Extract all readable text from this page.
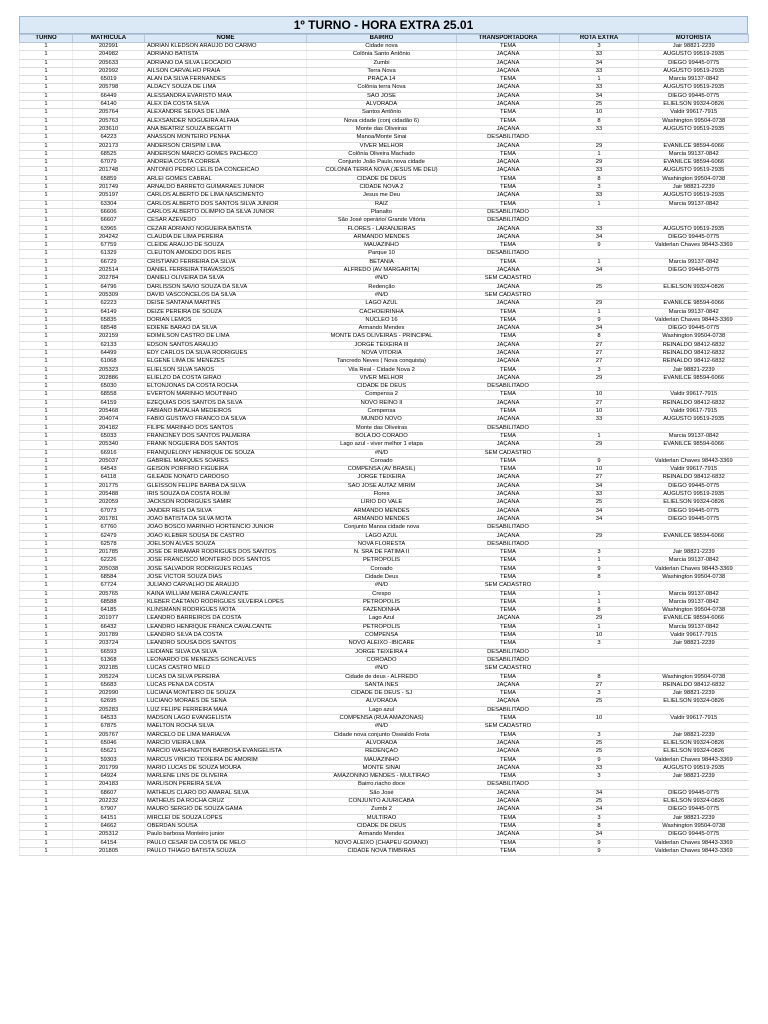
1º TURNO - HORA EXTRA 25.01
TURNO	MATRICULA	NOME	BAIRRO	TRANSPORTADORA	ROTA EXTRA	MOTORISTA
1	202991	ADRIAN KLEDSON ARAUJO DO CARMO	Cidade nova	TEMA	3	Jair 98821-2239
1	204982	ADRIANO BATISTA	Colônia Santo Antônio	JAÇANA	33	AUGUSTO 99519-2935
1	205633	ADRIANO DA SILVA LEOCADIO	Zumbi	JAÇANA	34	DIEGO 99445-0775
1	202992	AILSON CARVALHO PRAIA	Terra Nova	JAÇANA	33	AUGUSTO 99519-2935
1	65019	ALAN DA SILVA FERNANDES	PRAÇA 14	TEMA	1	Marcia 99137-0842
1	205798	ALDACY SOUZA DE LIMA	Colônia terra Nova	JAÇANA	33	AUGUSTO 99519-2935
1	66449	ALESSANDRA EVARISTO MAIA	SAO JOSE	JAÇANA	34	DIEGO 99445-0775
1	64140	ALEX DA COSTA SILVA	ALVORADA	JAÇANA	25	ELIELSON 99324-0826
1	205764	ALEXANDRE SEIXAS DE LIMA	Santos Antônio	TEMA	10	Valdir 99617-7915
1	205763	ALEXSANDER NOGUEIRA ALFAIA	Nova cidade (conj cidadão 6)	TEMA	8	Washington 99504-0738
1	203610	ANA BEATRIZ SOUZA BEGATTI	Monte das Oliveiras	JAÇANA	33	AUGUSTO 99519-2935
1	64223	ANASSON MONTEIRO PENHA	Manoa/Monte Sinai	DESABILITADO		
1	202173	ANDERSON CRISPIM LIMA	VIVER MELHOR	JAÇANA	29	EVANILCE 98594-6066
1	68525	ANDERSON MARCIO GOMES PACHECO	Colônia Oliveira Machado	TEMA	1	Marcia 99137-0842
1	67079	ANDREIA COSTA CORREA	Conjunto João Paulo,nova cidade	JAÇANA	29	EVANILCE 98594-6066
1	201748	ANTONIO PEDRO LELIS DA CONCEICAO	COLONIA TERRA NOVA (JESUS ME DEU)	JAÇANA	33	AUGUSTO 99519-2935
1	65859	ARLEI GOMES CABRAL	CIDADE DE DEUS	TEMA	8	Washington 99504-0738
1	201749	ARNALDO BARRETO GUIMARAES JUNIOR	CIDADE NOVA 2	TEMA	3	Jair 98821-2239
1	205197	CARLOS ALBERTO DE LIMA NASCIMENTO	Jesus me Deu	JAÇANA	33	AUGUSTO 99519-2935
1	63304	CARLOS ALBERTO DOS SANTOS SILVA JUNIOR	RAIZ	TEMA	1	Marcia 99137-0842
1	66606	CARLOS ALBERTO OLIMPIO DA SILVA JUNIOR	Planalto	DESABILITADO		
1	66607	CESAR AZEVEDO	São José operário/ Grande Vitória	DESABILITADO		
1	63965	CEZAR ADRIANO NOGUEIRA BATISTA	FLORES - LARANJEIRAS	JAÇANA	33	AUGUSTO 99519-2935
1	204242	CLAUDIA DE LIMA PEREIRA	ARMANDO MENDES	JAÇANA	34	DIEGO 99445-0775
1	67759	CLEIDE ARAUJO DE SOUZA	MAUAZINHO	TEMA	9	Valderlan Chaves 98443-3369
1	61329	CLEUTON AMOEDO DOS REIS	Parque 10	DESABILITADO		
1	66729	CRISTIANO FERREIRA DA SILVA	BETANIA	TEMA	1	Marcia 99137-0842
1	202514	DANIEL FERREIRA TRAVASSOS	ALFREDO (AV MARGARITA)	JAÇANA	34	DIEGO 99445-0775
1	202784	DANIELI OLIVEIRA DA SILVA	#N/D	SEM CADASTRO		
1	64796	DARLISSON SAVIO SOUZA DA SILVA	Redenção	JAÇANA	25	ELIELSON 99324-0826
1	205309	DAVID VASCONCELOS DA SILVA	#N/D	SEM CADASTRO		
1	62223	DEISE SANTANA MARTINS	LAGO AZUL	JAÇANA	29	EVANILCE 98594-6066
1	64149	DEIZE PEREIRA DE SOUZA	CACHOEIRINHA	TEMA	1	Marcia 99137-0842
1	65835	DORIAN LEMOS	NUCLEO 16	TEMA	9	Valderlan Chaves 98443-3369
1	68548	EDIENE BARAO DA SILVA	Armando Mendes	JAÇANA	34	DIEGO 99445-0775
1	202159	EDIMILSON CASTRO DE LIMA	MONTE DAS OLIVEIRAS - PRINCIPAL	TEMA	8	Washington 99504-0738
1	62133	EDSON SANTOS ARAUJO	JORGE TEIXEIRA III	JAÇANA	27	REINALDO 98412-6832
1	64499	EDY CARLOS DA SILVA RODRIGUES	NOVA VITORIA	JAÇANA	27	REINALDO 98412-6832
1	61068	ELGENE LIMA DE MENEZES	Tancredo Neves ( Nova conquista)	JAÇANA	27	REINALDO 98412-6832
1	205323	ELIELSON SILVA SANOS	Vila Real - Cidade Nova 2	TEMA	3	Jair 98821-2239
1	202886	ELIELZO DA COSTA GIRÃO	VIVER MELHOR	JAÇANA	29	EVANILCE 98594-6066
1	65030	ELTONJONAS DA COSTA ROCHA	CIDADE DE DEUS	DESABILITADO		
1	68558	EVERTON MARINHO MOUTINHO	Compensa 2	TEMA	10	Valdir 99617-7915
1	64159	EZEQUIAS DOS SANTOS DA SILVA	NOVO REINO II	JAÇANA	27	REINALDO 98412-6832
1	205468	FABIANO BATALHA MEDEIROS	Compensa	TEMA	10	Valdir 99617-7915
1	204074	FÁBIO GUSTAVO FRANCO DA SILVA	MUNDO NOVO	JAÇANA	33	AUGUSTO 99519-2935
1	204182	FILIPE MARINHO DOS SANTOS	Monte das Oliveiras	DESABILITADO		
1	65033	FRANCINEY DOS SANTOS PALMEIRA	BOLA DO CORADO	TEMA	1	Marcia 99137-0842
1	205340	FRANK NOGUEIRA DOS SANTOS	Lago azul - viver melhor 1 etapa	JAÇANA	29	EVANILCE 98594-6066
1	66916	FRANQUELONY HENRIQUE DE SOUZA	#N/D	SEM CADASTRO		
1	205037	GABRIEL MARQUES SOARES	Coroado	TEMA	9	Valderlan Chaves 98443-3369
1	64543	GEISON PORFIRIO FIGUEIRA	COMPENSA (AV BRASIL)	TEMA	10	Valdir 99617-7915
1	64118	GILEADE NONATO CARDOSO	JORGE TEIXEIRA	JAÇANA	27	REINALDO 98412-6832
1	201775	GLEISSON FELIPE BARBA DA SILVA	SAO JOSE AUTAZ MIRIM	JAÇANA	34	DIEGO 99445-0775
1	205488	IRIS SOUZA DA COSTA ROLIM	Flores	JAÇANA	33	AUGUSTO 99519-2935
1	202059	JACKSON RODRIGUES SAMIR	LIRIO DO VALE	JAÇANA	25	ELIELSON 99324-0826
1	67073	JANDER REIS DA SILVA	ARMANDO MENDES	JAÇANA	34	DIEGO 99445-0775
1	201781	JOAO BATISTA DA SILVA MOTA	ARMANDO MENDES	JAÇANA	34	DIEGO 99445-0775
1	67760	JOAO BOSCO MARINHO HORTENCIO JUNIOR	Conjunto Manoa cidade nova	DESABILITADO		
1	62479	JOAO KLEBER SOUSA DE CASTRO	LAGO AZUL	JAÇANA	29	EVANILCE 98594-6066
1	62578	JOELSON ALVES SOUZA	NOVA FLORESTA	DESABILITADO		
1	201785	JOSE DE RIBAMAR RODRIGUES DOS SANTOS	N. SRA DE FATIMA II	TEMA	3	Jair 98821-2239
1	62226	JOSE FRANCISCO MONTEIRO DOS SANTOS	PETROPOLIS	TEMA	1	Marcia 99137-0842
1	205038	JOSÉ SALVADOR RODRIGUES ROJAS	Coroado	TEMA	9	Valderlan Chaves 98443-3369
1	68584	JOSE VICTOR SOUZA DIAS	Cidade Deus	TEMA	8	Washington 99504-0738
1	67724	JULIANO CARVALHO DE ARAUJO	#N/D	SEM CADASTRO		
1	205765	KAINA WILLIAM MEIRA CAVALCANTE	Crespo	TEMA	1	Marcia 99137-0842
1	68588	KLEBER CAETANO RODRIGUES SILVEIRA LOPES	PETROPOLIS	TEMA	1	Marcia 99137-0842
1	64185	KLINSMANN RODRIGUES MOTA	FAZENDINHA	TEMA	8	Washington 99504-0738
1	201977	LEANDRO BARREIROS DA COSTA	Lago Azul	JAÇANA	29	EVANILCE 98594-6066
1	66432	LEANDRO HENRIQUE FRANCA CAVALCANTE	PETROPOLIS	TEMA	1	Marcia 99137-0842
1	201789	LEANDRO SILVA DA COSTA	COMPENSA	TEMA	10	Valdir 99617-7915
1	203724	LEANDRO SOUSA DOS SANTOS	NOVO ALEIXO -IBICARE	TEMA	3	Jair 98821-2239
1	66593	LEIDIANE SILVA DA SILVA	JORGE TEIXEIRA 4	DESABILITADO		
1	61368	LEONARDO DE MENEZES GONCALVES	COROADO	DESABILITADO		
1	202185	LUCAS CASTRO MELO	#N/D	SEM CADASTRO		
1	205224	LUCAS DA SILVA PEREIRA	Cidade de deus - ALFREDO	TEMA	8	Washington 99504-0738
1	65683	LUCAS PENA DA COSTA	SANTA INÊS	JAÇANA	27	REINALDO 98412-6832
1	202990	LUCIANA MONTEIRO DE SOUZA	CIDADE DE DEUS - SJ	TEMA	3	Jair 98821-2239
1	62695	LUCIANO MORAES DE SENA	ALVORADA	JAÇANA	25	ELIELSON 99324-0826
1	205283	LUIZ FELIPE FERREIRA MAIA	Lago azul	DESABILITADO		
1	64533	MADSON LAGO EVANGELISTA	COMPENSA (RUA AMAZONAS)	TEMA	10	Valdir 99617-7915
1	67875	MAELTON ROCHA SILVA	#N/D	SEM CADASTRO		
1	205767	MARCELO DE LIMA MARIALVA	Cidade nova conjunto Oswaldo Frota	TEMA	3	Jair 98821-2239
1	65046	MARCIO VIEIRA LIMA	ALVORADA	JAÇANA	25	ELIELSON 99324-0826
1	65621	MARCIO WASHINGTON BARBOSA EVANGELISTA	REDENÇAO	JAÇANA	25	ELIELSON 99324-0826
1	59303	MARCUS VINICIO TEIXEIRA DE AMORIM	MAUAZINHO	TEMA	9	Valderlan Chaves 98443-3369
1	201799	MARIO LUCAS DE SOUZA MOURA	MONTE SINAI	JAÇANA	33	AUGUSTO 99519-2935
1	64924	MARLENE LINS DE OLIVEIRA	AMAZONINO MENDES - MULTIRAO	TEMA	3	Jair 98821-2239
1	204183	MARLISON PEREIRA SILVA	Bairro.riacho doce	DESABILITADO		
1	68607	MATHEUS CLARO DO AMARAL SILVA	São José	JAÇANA	34	DIEGO 99445-0775
1	202232	MATHEUS DA ROCHA CRUZ	CONJUNTO AJURICABA	JAÇANA	25	ELIELSON 99324-0826
1	67907	MAURO SERGIO DE SOUZA GAMA	Zumbi 2	JAÇANA	34	DIEGO 99445-0775
1	64151	MIRCLEI DE SOUZA LOPES	MULTIRAO	TEMA	3	Jair 98821-2239
1	64662	OBERDAN SOUSA	CIDADE DE DEUS	TEMA	8	Washington 99504-0738
1	205312	Paulo barbosa Monteiro junior	Armando Mendes	JAÇANA	34	DIEGO 99445-0775
1	64154	PAULO CESAR DA COSTA DE MELO	NOVO ALEIXO (CHAPEU GOIANO)	TEMA	9	Valderlan Chaves 98443-3369
1	201805	PAULO THIAGO BATISTA SOUZA	CIDADE NOVA TIMBIRAS	TEMA	9	Valderlan Chaves 98443-3369
